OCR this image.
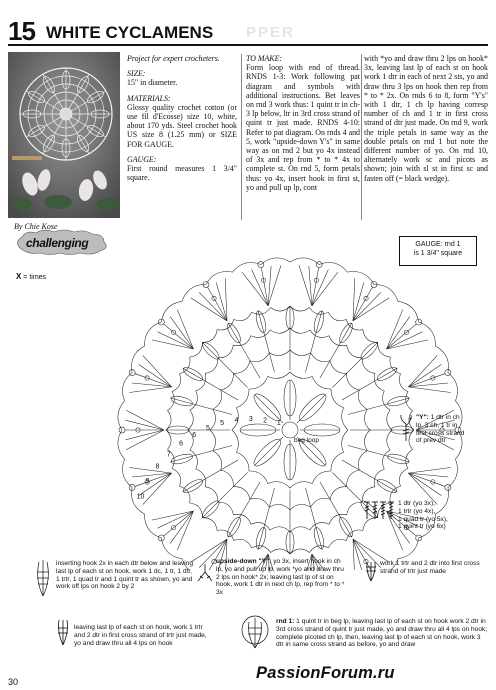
15 WHITE CYCLAMENS PPER
By Chie Kose
Project for expert crocheters.
SIZE:
15" in diameter.
MATERIALS:
Glossy quality crochet cotton (or use fil d'Ecosse) size 10, white, about 170 yds. Steel crochet hook US size 8 (1.25 mm) or SIZE FOR GAUGE.
GAUGE:
First round measures 1 3/4" square.
TO MAKE:
Form loop with end of thread. RNDS 1-3: Work following pat diagram and symbols with additional instructions. Bet leaves on rnd 3 work thus: 1 quint tr in ch-3 lp below, ltr in 3rd cross strand of quint tr just made. RNDS 4-10: Refer to pat diagram. On rnds 4 and 5, work "upside-down Y's" in same way as on rnd 2 but yo 4x instead of 3x and rep from * to * 4x to complete st. On rnd 5, form petals thus: yo 4x, insert hook in first st, yo and pull up lp, cont
with *yo and draw thru 2 lps on hook* 3x, leaving last lp of each st on hook work 1 dtr in each of next 2 sts, yo and draw thru 3 lps on hook then rep from * to * 2x. On rnds 6 to 8, form "Y's" with 1 dtr, 1 ch lp having corresp number of ch and 1 tr in first cross strand of dtr just made. On rnd 9, work the triple petals in same way as the double petals on rnd 1 but note the different number of yo. On rnd 10, alternately work sc and picots as shown; join with sl st in first sc and fasten off (= black wedge).
1
2
3
4
5
5
6
6
7
8
9
10
beg loop
challenging
X = times
GAUGE: rnd 1
is 1 3/4" square
"Y": 1 dtr in ch lp, 3 ch, 1 tr in first cross strand of prev dtr
1 dtr (yo 3x),
1 trtr (yo 4x),
1 quad tr (yo 5x),
1 quint tr (yo 6x)
inserting hook 2x in each dtr below and leaving last lp of each st on hook, work 1 dc, 1 tr, 1 dtr, 1 trtr, 1 quad tr and 1 quint tr as shown, yo and work off lps on hook 2 by 2
upside-down "Y": yo 3x, insert hook in ch lp, yo and pull up lp, work *yo and draw thru 2 lps on hook* 2x; leaving last lp of st on hook, work 1 dtr in next ch lp, rep from * to * 3x
work 1 trtr and 2 dtr into first cross strand of trtr just made
leaving last lp of each st on hook, work 1 trtr and 2 dtr in first cross strand of trtr just made, yo and draw thru all 4 lps on hook
rnd 1: 1 quint tr in beg lp, leaving last lp of each st on hook work 2 dtr in 3rd cross strand of quint tr just made, yo and draw thru all 4 lps on hook; complete picoted ch lp, then, leaving last lp of each st on hook, work 3 dtr in same cross strand as before, yo and draw
30	PassionForum.ru
